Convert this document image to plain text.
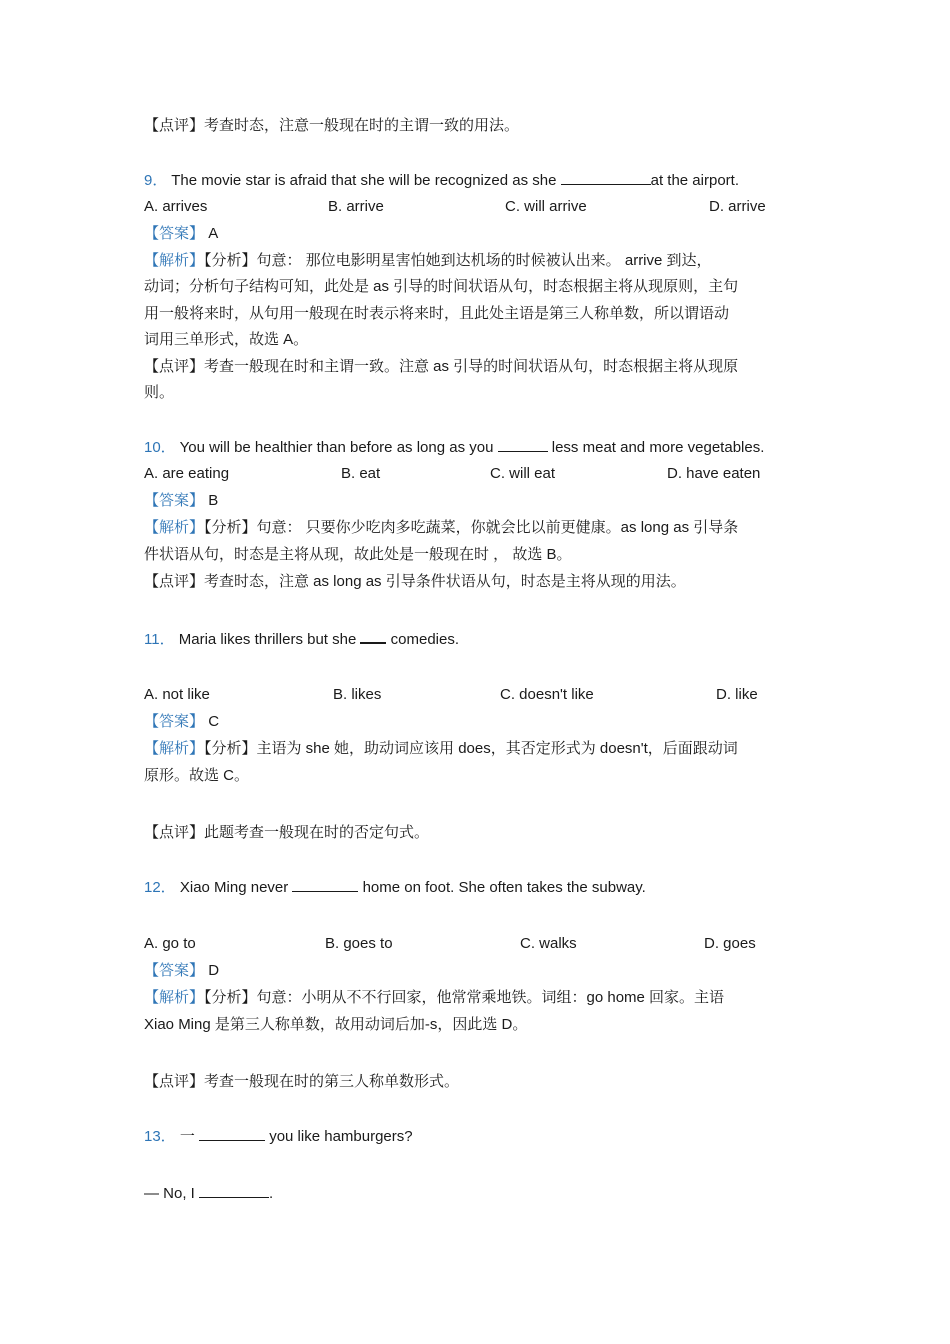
【点评】考查时态，注意一般现在时的主谓一致的用法。
9． The movie star is afraid that she will be recognized as she	at the airport.
A. arrives	B. arrive	C. will arrive	D. arrive
【答案】 A
【解析】【分析】句意： 那位电影明星害怕她到达机场的时候被认出来。 arrive 到达，
动词；分析句子结构可知，此处是 as 引导的时间状语从句，时态根据主将从现原则，主句
用一般将来时，从句用一般现在时表示将来时，且此处主语是第三人称单数，所以谓语动
词用三单形式，故选 A。
【点评】考查一般现在时和主谓一致。注意 as 引导的时间状语从句，时态根据主将从现原
则。
10． You will be healthier than before as long as you	less meat and more vegetables.
A. are eating	B. eat	C. will eat	D. have eaten
【答案】 B
【解析】【分析】句意： 只要你少吃肉多吃蔬菜，你就会比以前更健康。as long as 引导条
件状语从句，时态是主将从现，故此处是一般现在时 ， 故选 B。
【点评】考查时态，注意 as long as 引导条件状语从句，时态是主将从现的用法。
11． Maria likes thrillers but she  comedies.
A. not like	B. likes	C. doesn't like	D. like
【答案】 C
【解析】【分析】主语为 she 她，助动词应该用 does，其否定形式为 doesn't，后面跟动词
原形。故选 C。
【点评】此题考查一般现在时的否定句式。
12． Xiao Ming never	home on foot. She often takes the subway.
A. go to	B. goes to	C. walks	D. goes
【答案】 D
【解析】【分析】句意：小明从不不行回家，他常常乘地铁。词组：go home 回家。主语
Xiao Ming 是第三人称单数，故用动词后加-s，因此选 D。
【点评】考查一般现在时的第三人称单数形式。
13． 一	you like hamburgers?
— No, I	.
